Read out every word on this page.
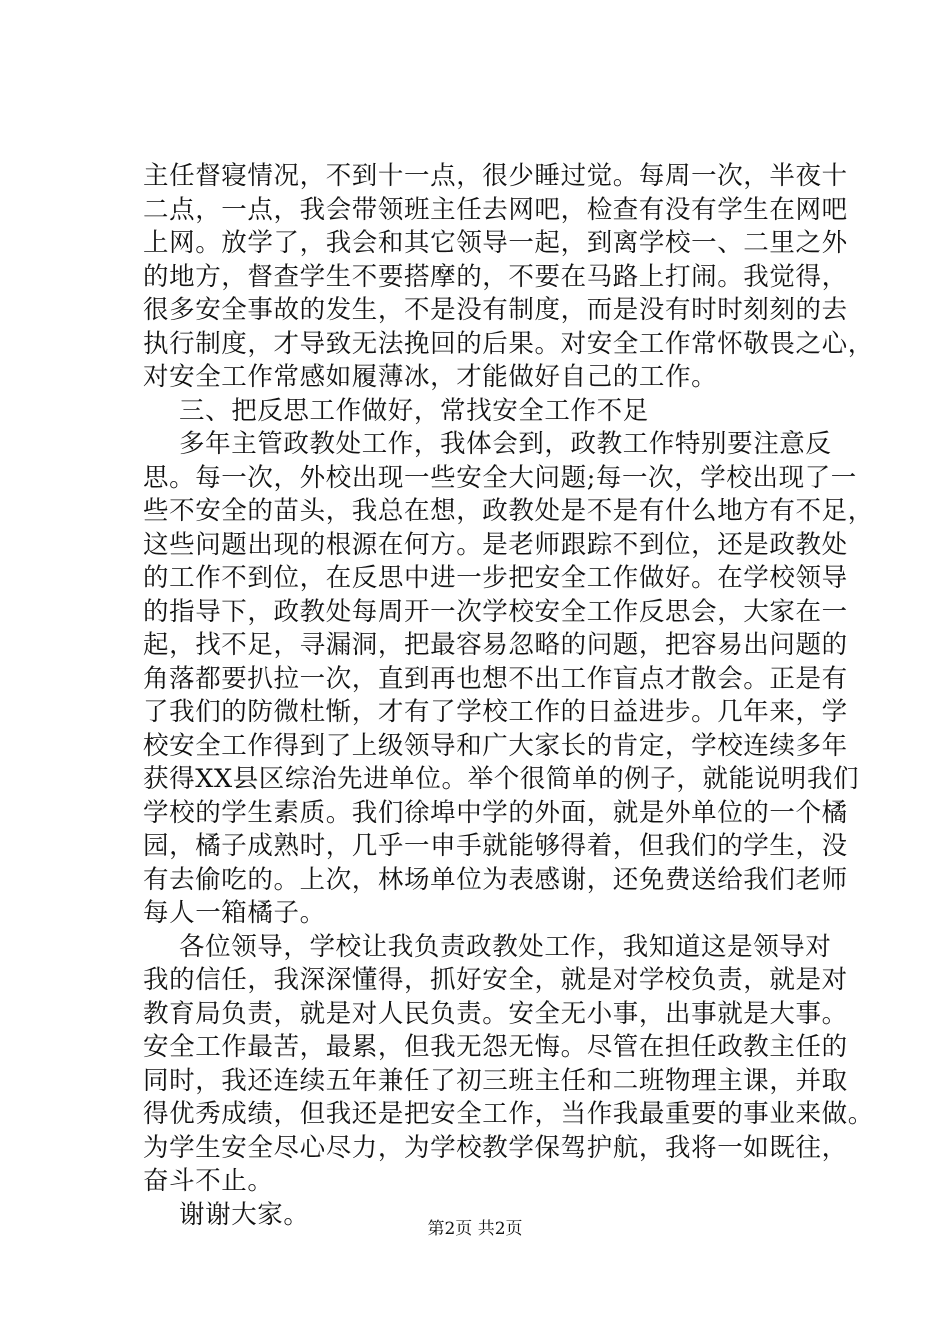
主任督寝情况，不到十一点，很少睡过觉。每周一次，半夜十
二点，一点，我会带领班主任去网吧，检查有没有学生在网吧
上网。放学了，我会和其它领导一起，到离学校一、二里之外
的地方，督查学生不要搭摩的，不要在马路上打闹。我觉得，
很多安全事故的发生，不是没有制度，而是没有时时刻刻的去
执行制度，才导致无法挽回的后果。对安全工作常怀敬畏之心，
对安全工作常感如履薄冰，才能做好自己的工作。
三、把反思工作做好，常找安全工作不足
多年主管政教处工作，我体会到，政教工作特别要注意反
思。每一次，外校出现一些安全大问题;每一次，学校出现了一
些不安全的苗头，我总在想，政教处是不是有什么地方有不足，
这些问题出现的根源在何方。是老师跟踪不到位，还是政教处
的工作不到位，在反思中进一步把安全工作做好。在学校领导
的指导下，政教处每周开一次学校安全工作反思会，大家在一
起，找不足，寻漏洞，把最容易忽略的问题，把容易出问题的
角落都要扒拉一次，直到再也想不出工作盲点才散会。正是有
了我们的防微杜惭，才有了学校工作的日益进步。几年来，学
校安全工作得到了上级领导和广大家长的肯定，学校连续多年
获得XX县区综治先进单位。举个很简单的例子，就能说明我们
学校的学生素质。我们徐埠中学的外面，就是外单位的一个橘
园，橘子成熟时，几乎一申手就能够得着，但我们的学生，没
有去偷吃的。上次，林场单位为表感谢，还免费送给我们老师
每人一箱橘子。
各位领导，学校让我负责政教处工作，我知道这是领导对
我的信任，我深深懂得，抓好安全，就是对学校负责，就是对
教育局负责，就是对人民负责。安全无小事，出事就是大事。
安全工作最苦，最累，但我无怨无悔。尽管在担任政教主任的
同时，我还连续五年兼任了初三班主任和二班物理主课，并取
得优秀成绩，但我还是把安全工作，当作我最重要的事业来做。
为学生安全尽心尽力，为学校教学保驾护航，我将一如既往，
奋斗不止。
谢谢大家。	第2页 共2页
